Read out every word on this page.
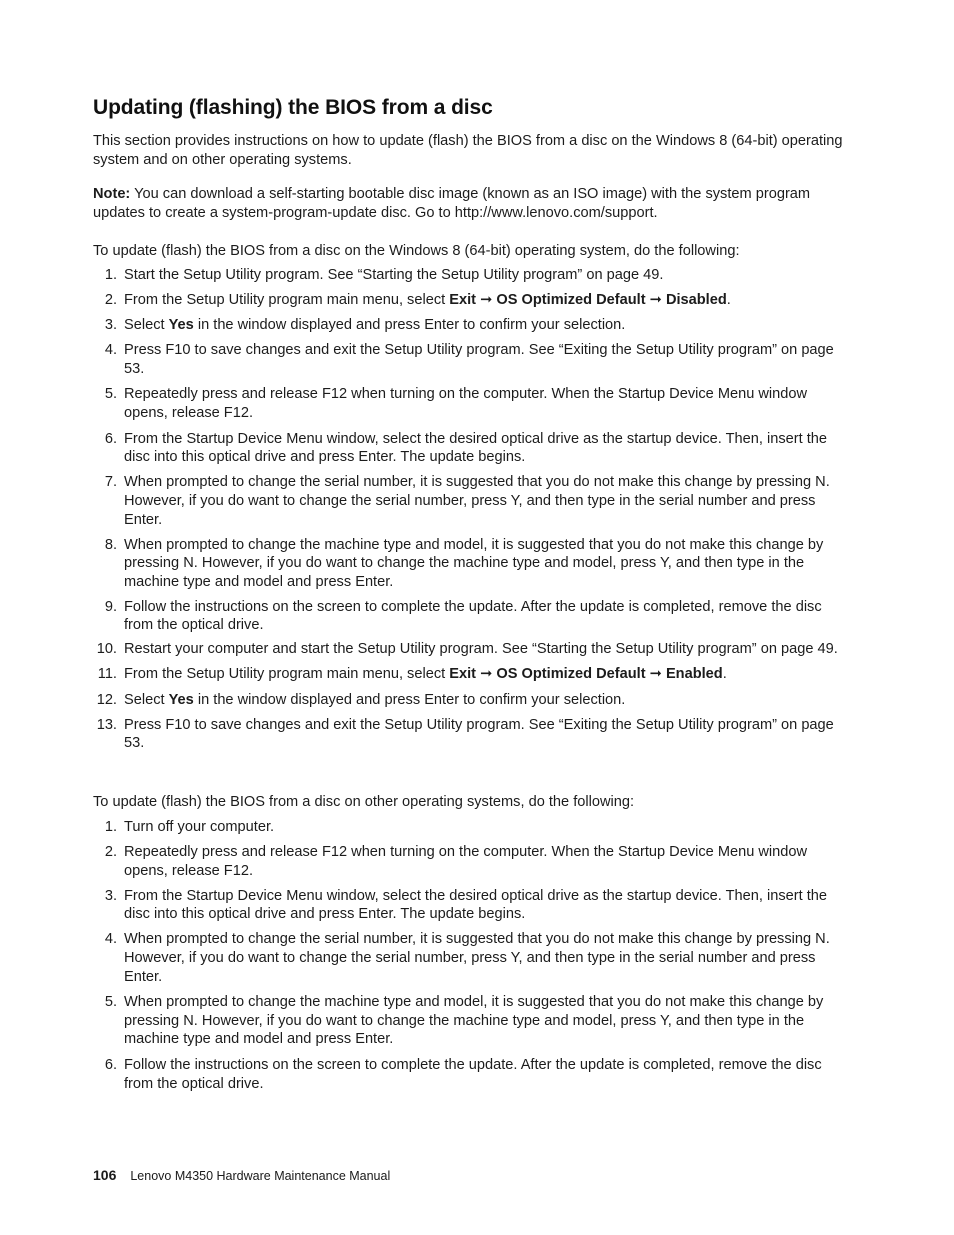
Updating (flashing) the BIOS from a disc

This section provides instructions on how to update (flash) the BIOS from a disc on the Windows 8 (64-bit) operating system and on other operating systems.

Note: You can download a self-starting bootable disc image (known as an ISO image) with the system program updates to create a system-program-update disc. Go to http://www.lenovo.com/support.

To update (flash) the BIOS from a disc on the Windows 8 (64-bit) operating system, do the following:

1. Start the Setup Utility program. See “Starting the Setup Utility program” on page 49.
2. From the Setup Utility program main menu, select Exit ➞ OS Optimized Default ➞ Disabled.
3. Select Yes in the window displayed and press Enter to confirm your selection.
4. Press F10 to save changes and exit the Setup Utility program. See “Exiting the Setup Utility program” on page 53.
5. Repeatedly press and release F12 when turning on the computer. When the Startup Device Menu window opens, release F12.
6. From the Startup Device Menu window, select the desired optical drive as the startup device. Then, insert the disc into this optical drive and press Enter. The update begins.
7. When prompted to change the serial number, it is suggested that you do not make this change by pressing N. However, if you do want to change the serial number, press Y, and then type in the serial number and press Enter.
8. When prompted to change the machine type and model, it is suggested that you do not make this change by pressing N. However, if you do want to change the machine type and model, press Y, and then type in the machine type and model and press Enter.
9. Follow the instructions on the screen to complete the update. After the update is completed, remove the disc from the optical drive.
10. Restart your computer and start the Setup Utility program. See “Starting the Setup Utility program” on page 49.
11. From the Setup Utility program main menu, select Exit ➞ OS Optimized Default ➞ Enabled.
12. Select Yes in the window displayed and press Enter to confirm your selection.
13. Press F10 to save changes and exit the Setup Utility program. See “Exiting the Setup Utility program” on page 53.

To update (flash) the BIOS from a disc on other operating systems, do the following:

1. Turn off your computer.
2. Repeatedly press and release F12 when turning on the computer. When the Startup Device Menu window opens, release F12.
3. From the Startup Device Menu window, select the desired optical drive as the startup device. Then, insert the disc into this optical drive and press Enter. The update begins.
4. When prompted to change the serial number, it is suggested that you do not make this change by pressing N. However, if you do want to change the serial number, press Y, and then type in the serial number and press Enter.
5. When prompted to change the machine type and model, it is suggested that you do not make this change by pressing N. However, if you do want to change the machine type and model, press Y, and then type in the machine type and model and press Enter.
6. Follow the instructions on the screen to complete the update. After the update is completed, remove the disc from the optical drive.
106 Lenovo M4350 Hardware Maintenance Manual
